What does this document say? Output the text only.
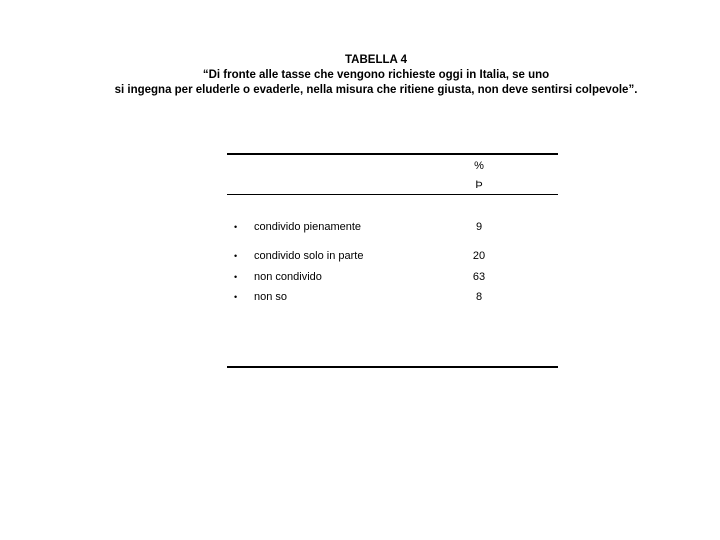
TABELLA 4
“Di fronte alle tasse che vengono richieste oggi in Italia, se uno
si ingegna per eluderle o evaderle, nella misura che ritiene giusta, non deve sentirsi colpevole”.
%
Þ
• condivido pienamente	9
• condivido solo in parte	20
• non condivido	63
• non so	8
